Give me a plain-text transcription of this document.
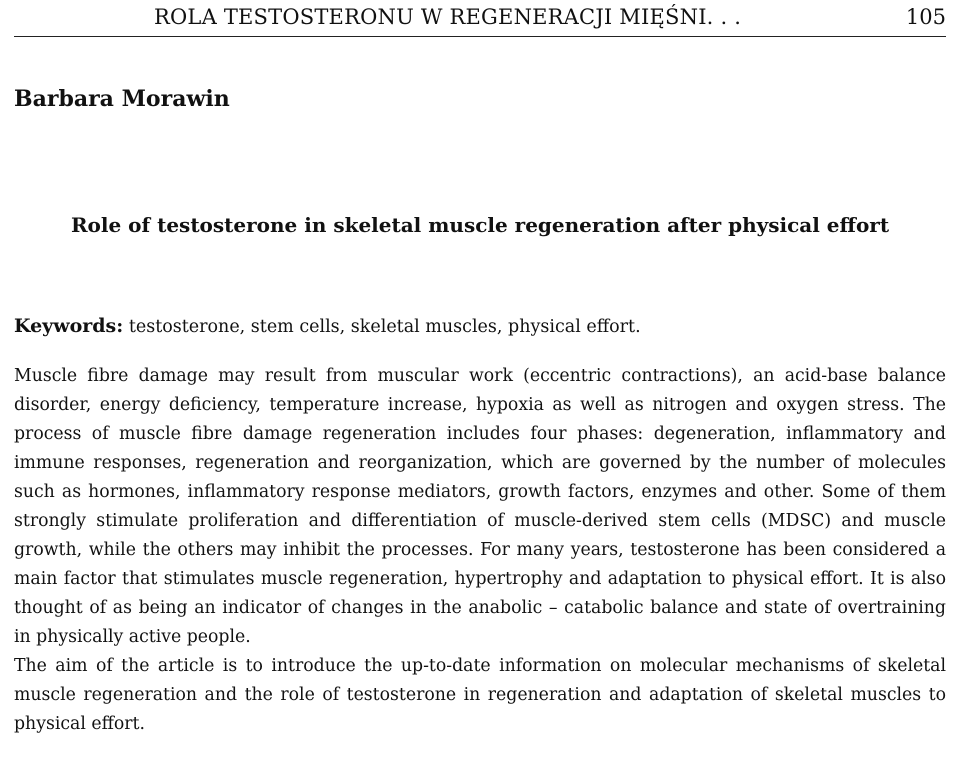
ROLA TESTOSTERONU W REGENERACJI MIĘŚNI. . .	105
Barbara Morawin
Role of testosterone in skeletal muscle regeneration after physical effort
Keywords: testosterone, stem cells, skeletal muscles, physical effort.

Muscle fibre damage may result from muscular work (eccentric contractions), an acid-base balance disorder, energy deficiency, temperature increase, hypoxia as well as nitrogen and oxygen stress. The process of muscle fibre damage regeneration includes four phases: degeneration, inflammatory and immune responses, regeneration and reorganization, which are governed by the number of molecules such as hormones, inflammatory response mediators, growth factors, enzymes and other. Some of them strongly stimulate proliferation and differentiation of muscle-derived stem cells (MDSC) and muscle growth, while the others may inhibit the processes. For many years, testosterone has been considered a main factor that stimulates muscle regeneration, hypertrophy and adaptation to physical effort. It is also thought of as being an indicator of changes in the anabolic – catabolic balance and state of overtraining in physically active people.

The aim of the article is to introduce the up-to-date information on molecular mechanisms of skeletal muscle regeneration and the role of testosterone in regeneration and adaptation of skeletal muscles to physical effort.
